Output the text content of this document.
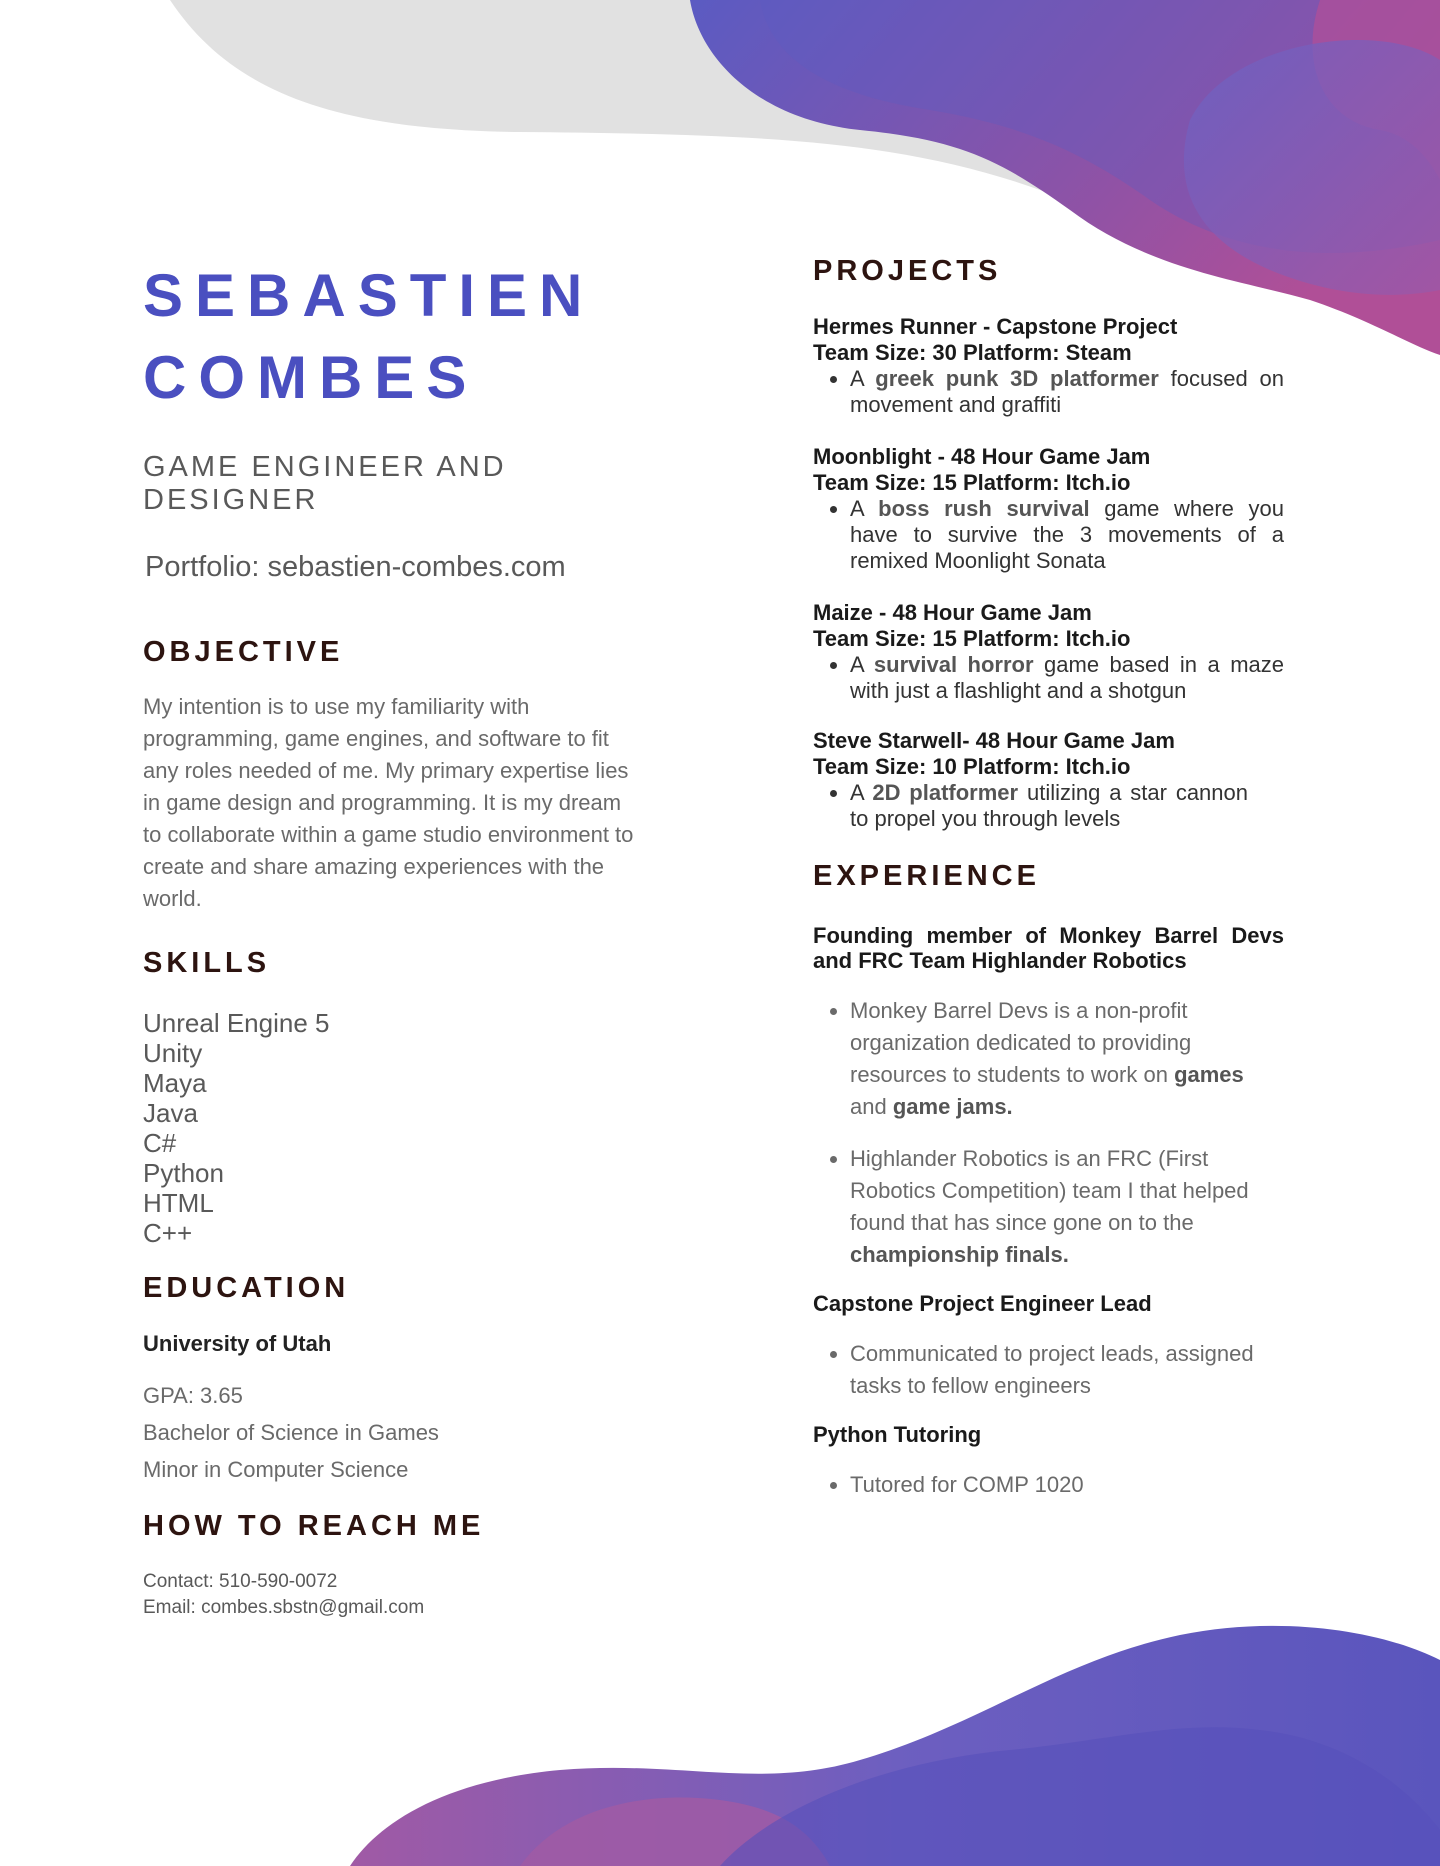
SEBASTIEN
COMBES

GAME ENGINEER AND DESIGNER

Portfolio: sebastien-combes.com

OBJECTIVE

My intention is to use my familiarity with programming, game engines, and software to fit any roles needed of me. My primary expertise lies in game design and programming. It is my dream to collaborate within a game studio environment to create and share amazing experiences with the world.

SKILLS
Unreal Engine 5
Unity
Maya
Java
C#
Python
HTML
C++
EDUCATION

University of Utah

GPA: 3.65
Bachelor of Science in Games
Minor in Computer Science
HOW TO REACH ME

Contact: 510-590-0072
Email: combes.sbstn@gmail.com

PROJECTS

Hermes Runner - Capstone Project

Team Size: 30 Platform: Steam

• A greek punk 3D platformer focused on movement and graffiti

Moonblight - 48 Hour Game Jam

Team Size: 15 Platform: Itch.io

• A boss rush survival game where you have to survive the 3 movements of a remixed Moonlight Sonata

Maize - 48 Hour Game Jam

Team Size: 15 Platform: Itch.io

• A survival horror game based in a maze with just a flashlight and a shotgun

Steve Starwell- 48 Hour Game Jam

Team Size: 10 Platform: Itch.io

• A 2D platformer utilizing a star cannon to propel you through levels
EXPERIENCE

Founding member of Monkey Barrel Devs and FRC Team Highlander Robotics

• Monkey Barrel Devs is a non-profit organization dedicated to providing resources to students to work on games and game jams.
• Highlander Robotics is an FRC (First Robotics Competition) team I that helped found that has since gone on to the championship finals.

Capstone Project Engineer Lead

• Communicated to project leads, assigned tasks to fellow engineers

Python Tutoring

• Tutored for COMP 1020
